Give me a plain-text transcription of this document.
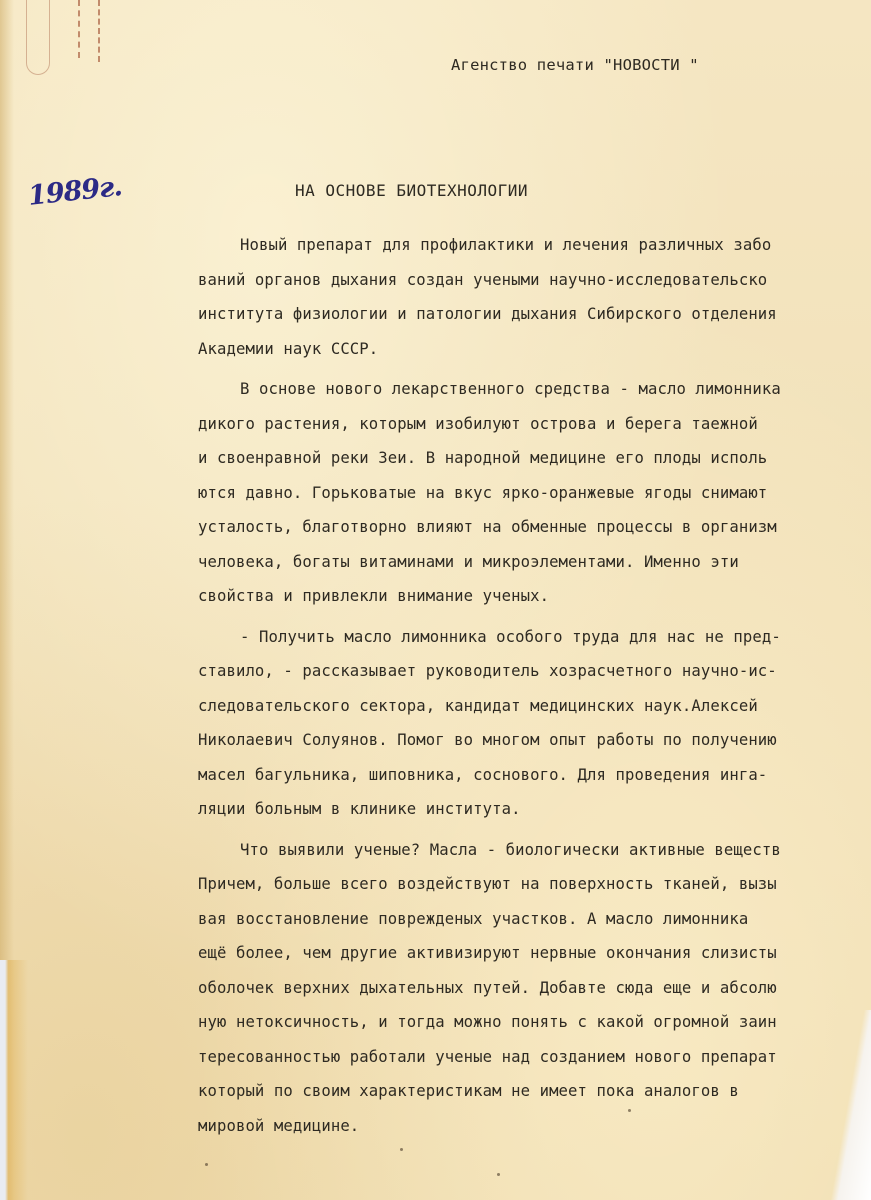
Агенство печати "НОВОСТИ "
1989г.	НА ОСНОВЕ БИОТЕХНОЛОГИИ
Новый препарат для профилактики и лечения различных забо
ваний органов дыхания создан учеными научно-исследовательско
института физиологии и патологии дыхания Сибирского отделения
Академии наук СССР.
В основе нового лекарственного средства - масло лимонника
дикого растения, которым изобилуют острова и берега таежной
и своенравной реки Зеи. В народной медицине его плоды исполь
ются давно. Горьковатые на вкус ярко-оранжевые ягоды снимают
усталость, благотворно влияют на обменные процессы в организм
человека, богаты витаминами и микроэлементами. Именно эти
свойства и привлекли внимание ученых.
- Получить масло лимонника особого труда для нас не пред-
ставило, - рассказывает руководитель хозрасчетного научно-ис-
следовательского сектора, кандидат медицинских наук.Алексей
Николаевич Солуянов. Помог во многом опыт работы по получению
масел багульника, шиповника, соснового. Для проведения инга-
ляции больным в клинике института.
Что выявили ученые? Масла - биологически активные веществ
Причем, больше всего воздействуют на поверхность тканей, вызы
вая восстановление поврежденых участков. А масло лимонника
ещё более, чем другие активизируют нервные окончания слизисты
оболочек верхних дыхательных путей. Добавте сюда еще и абсолю
ную нетоксичность, и тогда можно понять с какой огромной заин
тересованностью работали ученые над созданием нового препарат
который по своим характеристикам не имеет пока аналогов в
мировой медицине.
